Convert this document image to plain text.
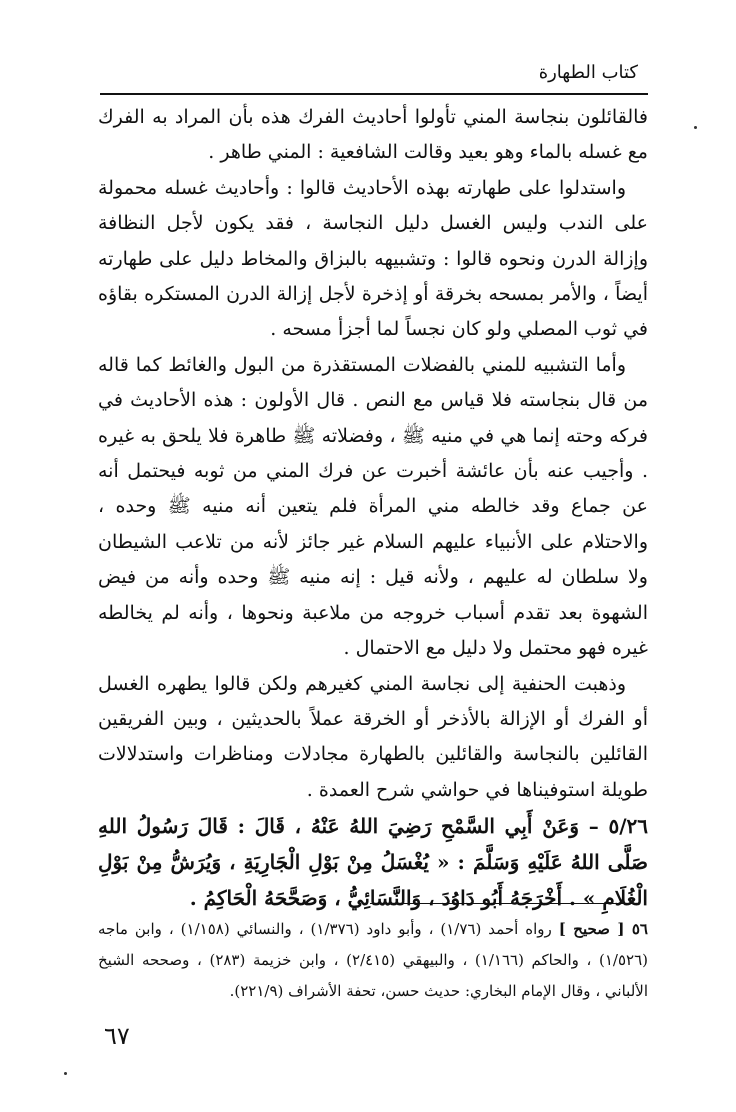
كتاب الطهارة

فالقائلون بنجاسة المني تأولوا أحاديث الفرك هذه بأن المراد به الفرك مع غسله بالماء وهو بعيد وقالت الشافعية : المني طاهر .

واستدلوا على طهارته بهذه الأحاديث قالوا : وأحاديث غسله محمولة على الندب وليس الغسل دليل النجاسة ، فقد يكون لأجل النظافة وإزالة الدرن ونحوه قالوا : وتشبيهه بالبزاق والمخاط دليل على طهارته أيضاً ، والأمر بمسحه بخرقة أو إذخرة لأجل إزالة الدرن المستكره بقاؤه في ثوب المصلي ولو كان نجساً لما أجزأ مسحه .

وأما التشبيه للمني بالفضلات المستقذرة من البول والغائط كما قاله من قال بنجاسته فلا قياس مع النص . قال الأولون : هذه الأحاديث في فركه وحته إنما هي في منيه ﷺ ، وفضلاته ﷺ طاهرة فلا يلحق به غيره . وأجيب عنه بأن عائشة أخبرت عن فرك المني من ثوبه فيحتمل أنه عن جماع وقد خالطه مني المرأة فلم يتعين أنه منيه ﷺ وحده ، والاحتلام على الأنبياء عليهم السلام غير جائز لأنه من تلاعب الشيطان ولا سلطان له عليهم ، ولأنه قيل : إنه منيه ﷺ وحده وأنه من فيض الشهوة بعد تقدم أسباب خروجه من ملاعبة ونحوها ، وأنه لم يخالطه غيره فهو محتمل ولا دليل مع الاحتمال .

وذهبت الحنفية إلى نجاسة المني كغيرهم ولكن قالوا يطهره الغسل أو الفرك أو الإزالة بالأذخر أو الخرقة عملاً بالحديثين ، وبين الفريقين القائلين بالنجاسة والقائلين بالطهارة مجادلات ومناظرات واستدلالات طويلة استوفيناها في حواشي شرح العمدة .

٥/٢٦ – وَعَنْ أَبِي السَّمْحِ رَضِيَ اللهُ عَنْهُ ، قَالَ : قَالَ رَسُولُ اللهِ صَلَّى اللهُ عَلَيْهِ وَسَلَّمَ : « يُغْسَلُ مِنْ بَوْلِ الْجَارِيَةِ ، وَيُرَشُّ مِنْ بَوْلِ الْغُلَامِ » . أَخْرَجَهُ أَبُو دَاوُدَ ، وَالنَّسَائِيُّ ، وَصَحَّحَهُ الْحَاكِمُ .

٥٦ [ صحيح ] رواه أحمد (١/٧٦) ، وأبو داود (١/٣٧٦) ، والنسائي (١/١٥٨) ، وابن ماجه (١/٥٢٦) ، والحاكم (١/١٦٦) ، والبيهقي (٢/٤١٥) ، وابن خزيمة (٢٨٣) ، وصححه الشيخ الألباني ، وقال الإمام البخاري: حديث حسن، تحفة الأشراف (٢٢١/٩).

٦٧
